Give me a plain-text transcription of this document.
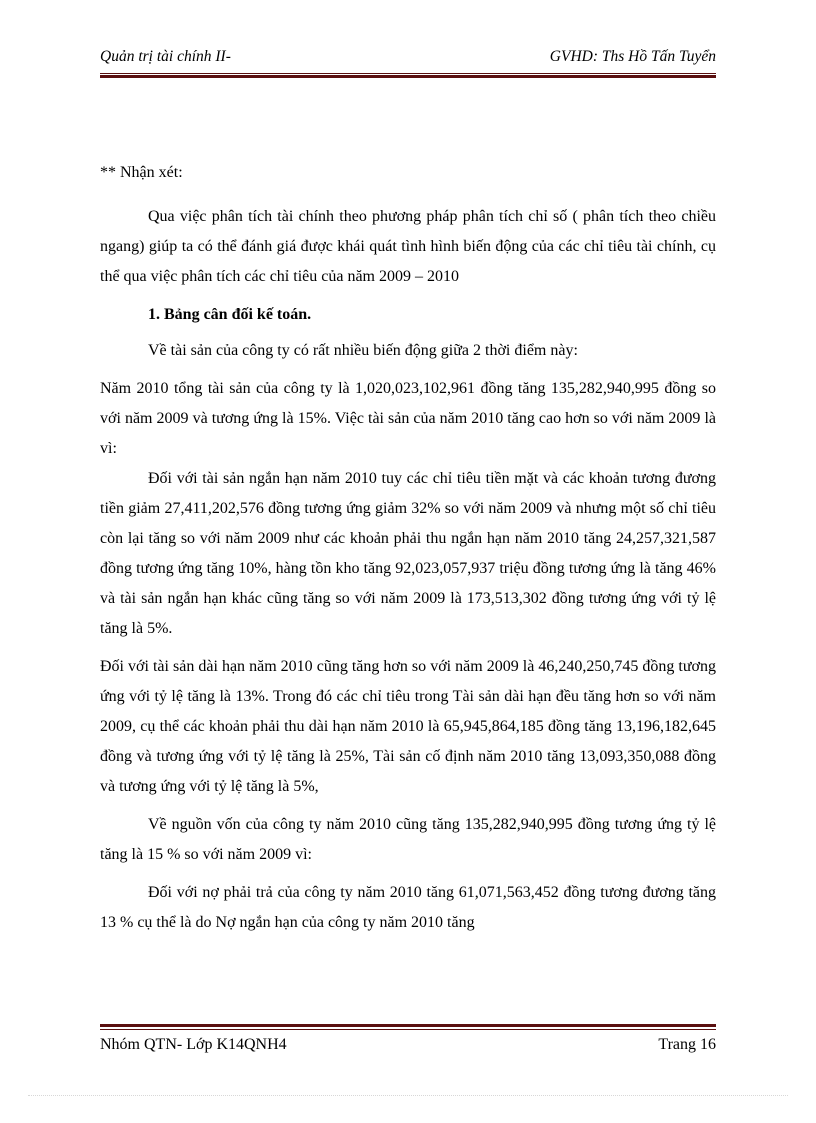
Quản trị tài chính II-	GVHD: Ths Hồ Tấn Tuyển

** Nhận xét:

Qua việc phân tích tài chính theo phương pháp phân tích chỉ số ( phân tích theo chiều ngang) giúp ta có thể đánh giá được khái quát tình hình biến động của các chỉ tiêu tài chính, cụ thể qua việc phân tích các chỉ tiêu của năm 2009 – 2010

1. Bảng cân đối kế toán.

Về tài sản của công ty có rất nhiều biến động giữa 2 thời điểm này:

Năm 2010 tổng tài sản của công ty là 1,020,023,102,961 đồng tăng 135,282,940,995 đồng so với năm 2009 và tương ứng là 15%. Việc tài sản của năm 2010 tăng cao hơn so với năm 2009 là vì:

Đối với tài sản ngắn hạn năm 2010 tuy các chỉ tiêu tiền mặt và các khoản tương đương tiền giảm 27,411,202,576 đồng tương ứng giảm 32% so với năm 2009 và nhưng một số chỉ tiêu còn lại tăng so với năm 2009 như các khoản phải thu ngắn hạn năm 2010 tăng 24,257,321,587 đồng tương ứng tăng 10%, hàng tồn kho tăng 92,023,057,937 triệu đồng tương ứng là tăng 46% và tài sản ngắn hạn khác cũng tăng so với năm 2009 là 173,513,302 đồng tương ứng với tỷ lệ tăng là 5%.

Đối với tài sản dài hạn năm 2010 cũng tăng hơn so với năm 2009 là 46,240,250,745 đồng tương ứng với tỷ lệ tăng là 13%. Trong đó các chỉ tiêu trong Tài sản dài hạn đều tăng hơn so với năm 2009, cụ thể các khoản phải thu dài hạn năm 2010 là 65,945,864,185 đồng tăng 13,196,182,645 đồng và tương ứng với tỷ lệ tăng là 25%, Tài sản cố định năm 2010 tăng 13,093,350,088 đồng và tương ứng với tỷ lệ tăng là 5%,

Về nguồn vốn của công ty năm 2010 cũng tăng 135,282,940,995 đồng tương ứng tỷ lệ tăng là 15 % so với năm 2009 vì:

Đối với nợ phải trả của công ty năm 2010 tăng 61,071,563,452 đồng tương đương tăng 13 % cụ thể là do Nợ ngắn hạn của công ty năm 2010 tăng

Nhóm QTN- Lớp K14QNH4	Trang 16
